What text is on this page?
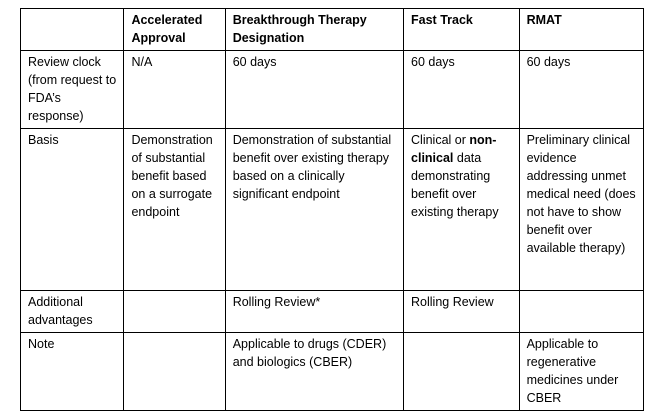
	Accelerated Approval	Breakthrough Therapy Designation	Fast Track	RMAT
Review clock (from request to FDA’s response)	N/A	60 days	60 days	60 days
Basis	Demonstration of substantial benefit based on a surrogate endpoint	Demonstration of substantial benefit over existing therapy based on a clinically significant endpoint	Clinical or non-clinical data demonstrating benefit over existing therapy	Preliminary clinical evidence addressing unmet medical need (does not have to show benefit over available therapy)
Additional advantages		Rolling Review*	Rolling Review	
Note		Applicable to drugs (CDER) and biologics (CBER)		Applicable to regenerative medicines under CBER
